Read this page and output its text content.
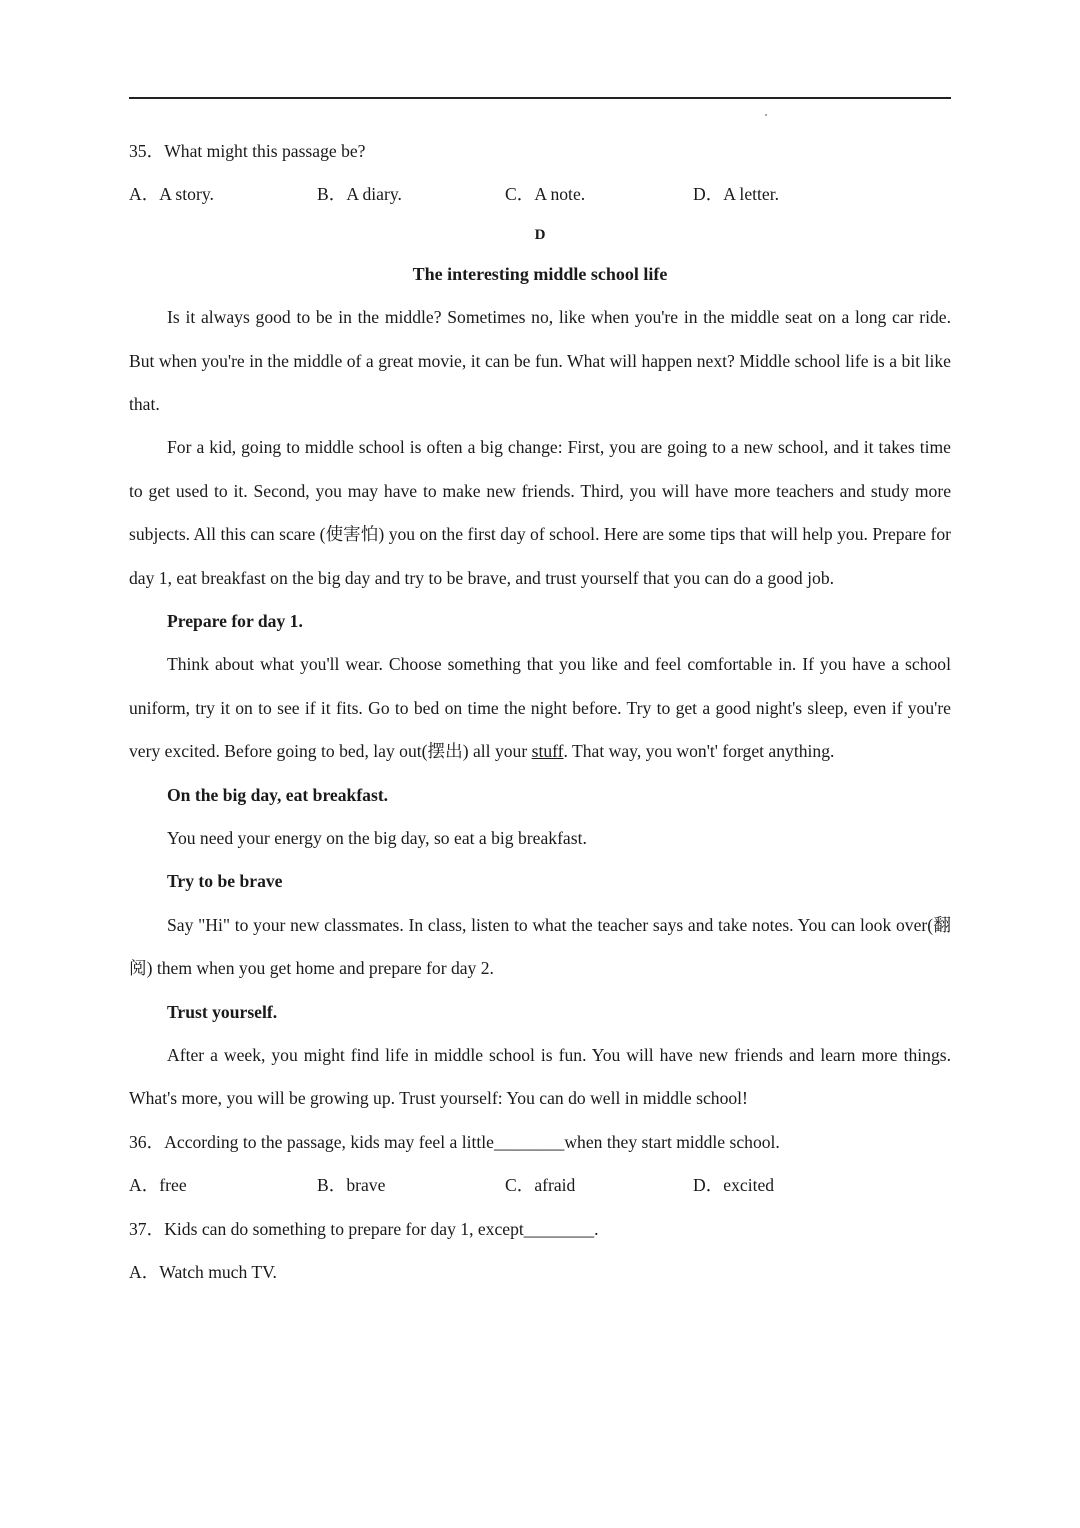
35．What might this passage be?
A．A story.	B．A diary.	C．A note.	D．A letter.
D
The interesting middle school life

Is it always good to be in the middle? Sometimes no, like when you're in the middle seat on a long car ride. But when you're in the middle of a great movie, it can be fun. What will happen next? Middle school life is a bit like that.

For a kid, going to middle school is often a big change: First, you are going to a new school, and it takes time to get used to it. Second, you may have to make new friends. Third, you will have more teachers and study more subjects. All this can scare (使害怕) you on the first day of school. Here are some tips that will help you. Prepare for day 1, eat breakfast on the big day and try to be brave, and trust yourself that you can do a good job.

Prepare for day 1.

Think about what you'll wear. Choose something that you like and feel comfortable in. If you have a school uniform, try it on to see if it fits. Go to bed on time the night before. Try to get a good night's sleep, even if you're very excited. Before going to bed, lay out(摆出) all your stuff. That way, you won't' forget anything.

On the big day, eat breakfast.

You need your energy on the big day, so eat a big breakfast.

Try to be brave

Say "Hi" to your new classmates. In class, listen to what the teacher says and take notes. You can look over(翻阅) them when you get home and prepare for day 2.

Trust yourself.

After a week, you might find life in middle school is fun. You will have new friends and learn more things. What's more, you will be growing up. Trust yourself: You can do well in middle school!

36．According to the passage, kids may feel a little________when they start middle school.
A．free	B．brave	C．afraid	D．excited
37．Kids can do something to prepare for day 1, except________.
A．Watch much TV.
